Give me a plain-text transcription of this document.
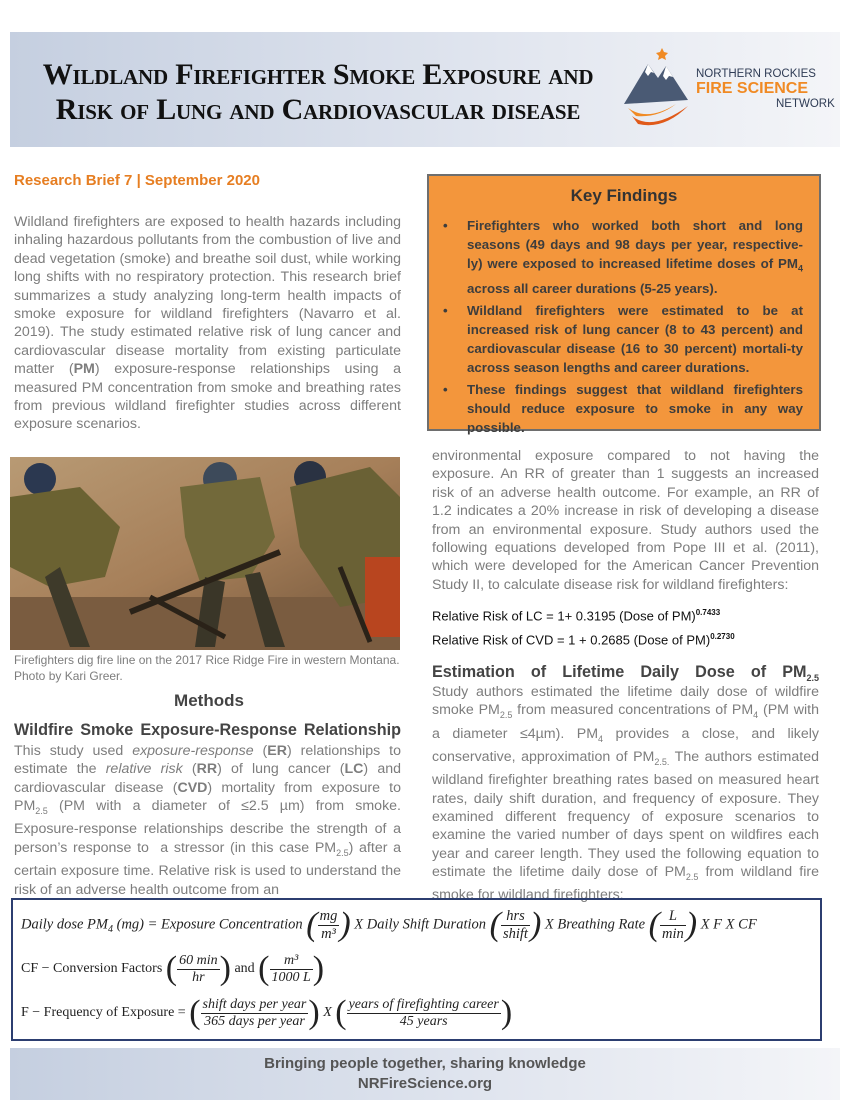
Wildland Firefighter Smoke Exposure and
Risk of Lung and Cardiovascular disease
NORTHERN ROCKIES
FIRE SCIENCE
NETWORK
Research Brief 7 | September 2020
Wildland firefighters are exposed to health hazards including inhaling hazardous pollutants from the combustion of live and dead vegetation (smoke) and breathe soil dust, while working long shifts with no respiratory protection. This research brief summarizes a study analyzing long-term health impacts of smoke exposure for wildland firefighters (Navarro et al. 2019). The study estimated relative risk of lung cancer and cardiovascular disease mortality from existing particulate matter (PM) exposure-response relationships using a measured PM concentration from smoke and breathing rates from previous wildland firefighter studies across different exposure scenarios.
Key Findings
• Firefighters who worked both short and long seasons (49 days and 98 days per year, respective-ly) were exposed to increased lifetime doses of $PM_4$ across all career durations (5-25 years).
• Wildland firefighters were estimated to be at increased risk of lung cancer (8 to 43 percent) and cardiovascular disease (16 to 30 percent) mortali-ty across season lengths and career durations.
• These findings suggest that wildland firefighters should reduce exposure to smoke in any way possible.
Firefighters dig fire line on the 2017 Rice Ridge Fire in western Montana. Photo by Kari Greer.
Methods
Wildfire Smoke Exposure-Response Relationship
This study used exposure-response (ER) relationships to estimate the relative risk (RR) of lung cancer (LC) and cardiovascular disease (CVD) mortality from exposure to $PM_{2.5}$ (PM with a diameter of ≤2.5 µm) from smoke. Exposure-response relationships describe the strength of a person’s response to  a stressor (in this case $PM_{2.5}$) after a certain exposure time. Relative risk is used to understand the risk of an adverse health outcome from an
environmental exposure compared to not having the exposure. An RR of greater than 1 suggests an increased risk of an adverse health outcome. For example, an RR of 1.2 indicates a 20% increase in risk of developing a disease from an environmental exposure. Study authors used the following equations developed from Pope III et al. (2011), which were developed for the American Cancer Prevention Study II, to calculate disease risk for wildland firefighters:
Relative Risk of LC = 1+ 0.3195 (Dose of PM)$^{0.7433}$
Relative Risk of CVD = 1 + 0.2685 (Dose of PM)$^{0.2730}$
Estimation of Lifetime Daily Dose of $PM_{2.5}$
Study authors estimated the lifetime daily dose of wildfire smoke $PM_{2.5}$ from measured concentrations of $PM_4$ (PM with a diameter ≤4µm). $PM_4$ provides a close, and likely conservative, approximation of $PM_{2.5.}$ The authors estimated wildland firefighter breathing rates based on measured heart rates, daily shift duration, and frequency of exposure. They examined different frequency of exposure scenarios to examine the varied number of days spent on wildfires each year and career length. They used the following equation to estimate the lifetime daily dose of $PM_{2.5}$ from wildland fire smoke for wildland firefighters:
Daily dose $PM_4$ (mg) = Exposure Concentration ( $\frac{mg}{\text{m³}}$ ) X Daily Shift Duration ( $\frac{\text{hrs}}{\text{shift}}$ ) X Breathing Rate ( $\frac{L}{\min}$ ) X F X CF
CF − Conversion Factors ( $\frac{60 \min}{hr}$ ) and ( $\frac{\text{m³}}{1000 L}$ )
F − Frequency of Exposure = ( $\frac{\text{shift days per year}}{\text{365 days per year}}$ ) X ( $\frac{\text{years of firefighting career}}{\text{45 years}}$ )
Bringing people together, sharing knowledge
NRFireScience.org
